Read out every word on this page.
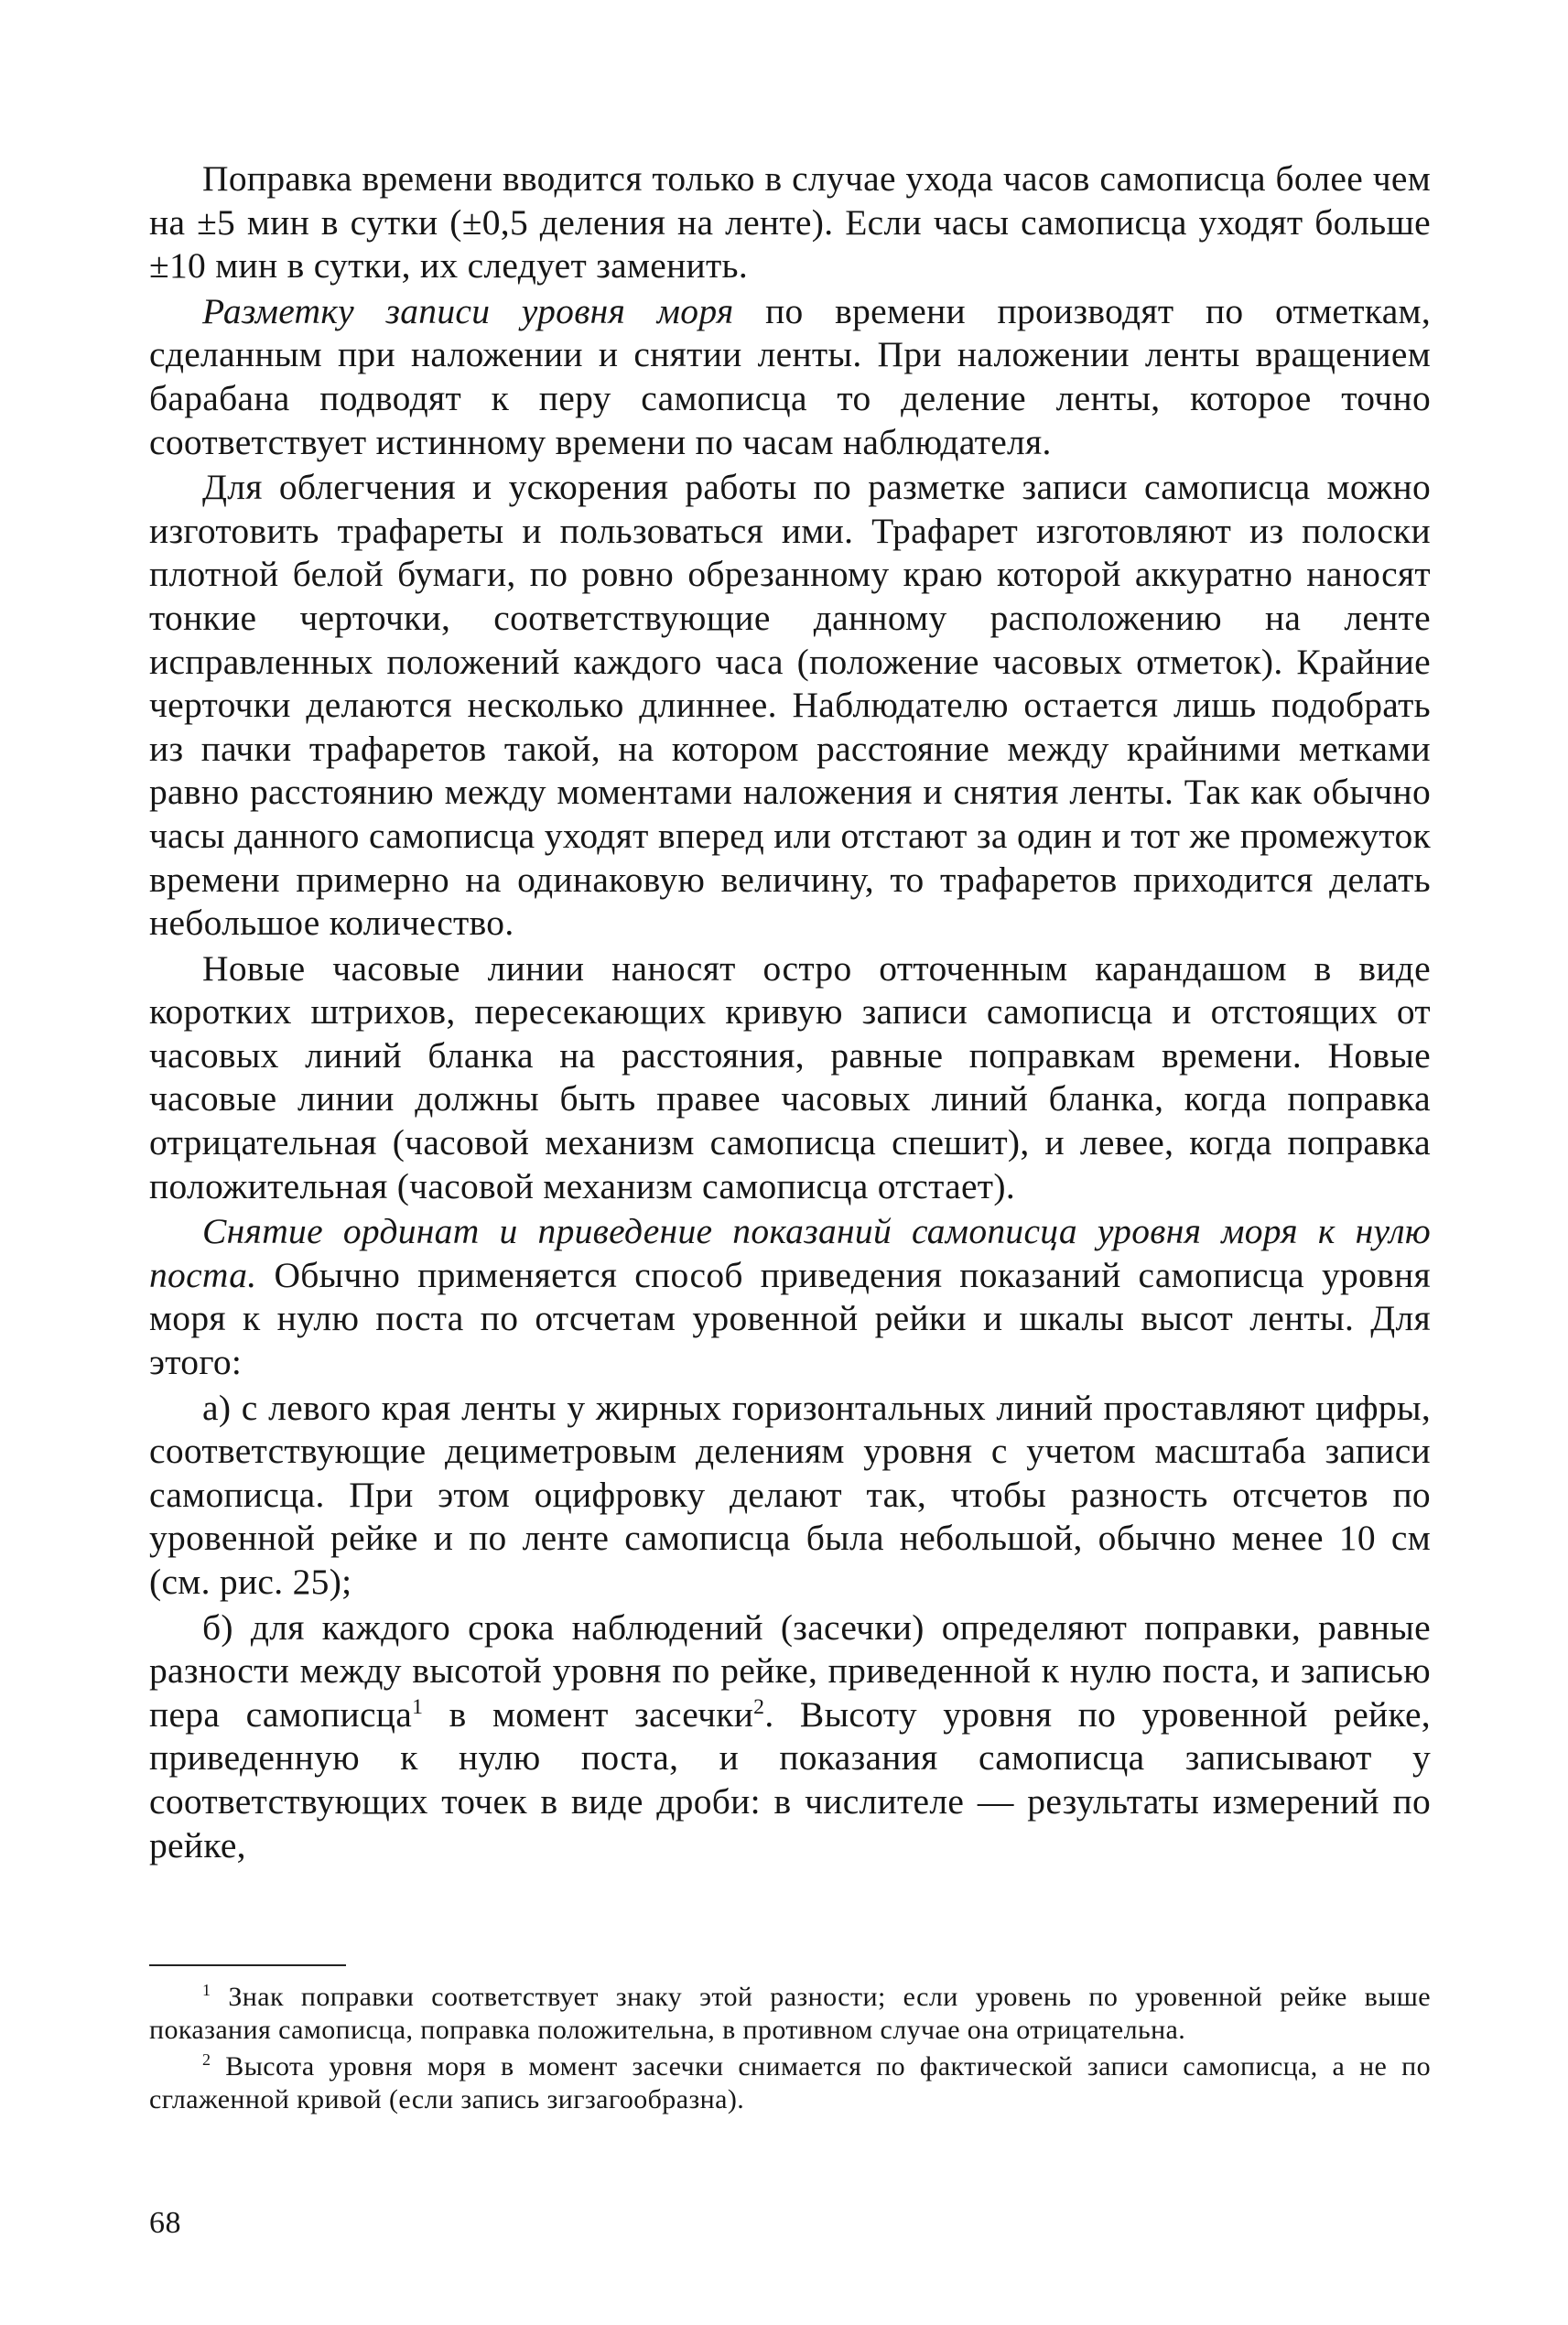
Поправка времени вводится только в случае ухода часов самописца более чем на ±5 мин в сутки (±0,5 деления на ленте). Если часы самописца уходят больше ±10 мин в сутки, их следует заменить.

Разметку записи уровня моря по времени производят по отметкам, сделанным при наложении и снятии ленты. При наложении ленты вращением барабана подводят к перу самописца то деление ленты, которое точно соответствует истинному времени по часам наблюдателя.

Для облегчения и ускорения работы по разметке записи самописца можно изготовить трафареты и пользоваться ими. Трафарет изготовляют из полоски плотной белой бумаги, по ровно обрезанному краю которой аккуратно наносят тонкие черточки, соответствующие данному расположению на ленте исправленных положений каждого часа (положение часовых отметок). Крайние черточки делаются несколько длиннее. Наблюдателю остается лишь подобрать из пачки трафаретов такой, на котором расстояние между крайними метками равно расстоянию между моментами наложения и снятия ленты. Так как обычно часы данного самописца уходят вперед или отстают за один и тот же промежуток времени примерно на одинаковую величину, то трафаретов приходится делать небольшое количество.

Новые часовые линии наносят остро отточенным карандашом в виде коротких штрихов, пересекающих кривую записи самописца и отстоящих от часовых линий бланка на расстояния, равные поправкам времени. Новые часовые линии должны быть правее часовых линий бланка, когда поправка отрицательная (часовой механизм самописца спешит), и левее, когда поправка положительная (часовой механизм самописца отстает).

Снятие ординат и приведение показаний самописца уровня моря к нулю поста. Обычно применяется способ приведения показаний самописца уровня моря к нулю поста по отсчетам уровенной рейки и шкалы высот ленты. Для этого:

а) с левого края ленты у жирных горизонтальных линий проставляют цифры, соответствующие дециметровым делениям уровня с учетом масштаба записи самописца. При этом оцифровку делают так, чтобы разность отсчетов по уровенной рейке и по ленте самописца была небольшой, обычно менее 10 см (см. рис. 25);

б) для каждого срока наблюдений (засечки) определяют поправки, равные разности между высотой уровня по рейке, приведенной к нулю поста, и записью пера самописца$^1$ в момент засечки$^2$. Высоту уровня по уровенной рейке, приведенную к нулю поста, и показания самописца записывают у соответствующих точек в виде дроби: в числителе — результаты измерений по рейке,

$^1$ Знак поправки соответствует знаку этой разности; если уровень по уровенной рейке выше показания самописца, поправка положительна, в противном случае она отрицательна.

$^2$ Высота уровня моря в момент засечки снимается по фактической записи самописца, а не по сглаженной кривой (если запись зигзагообразна).

68
